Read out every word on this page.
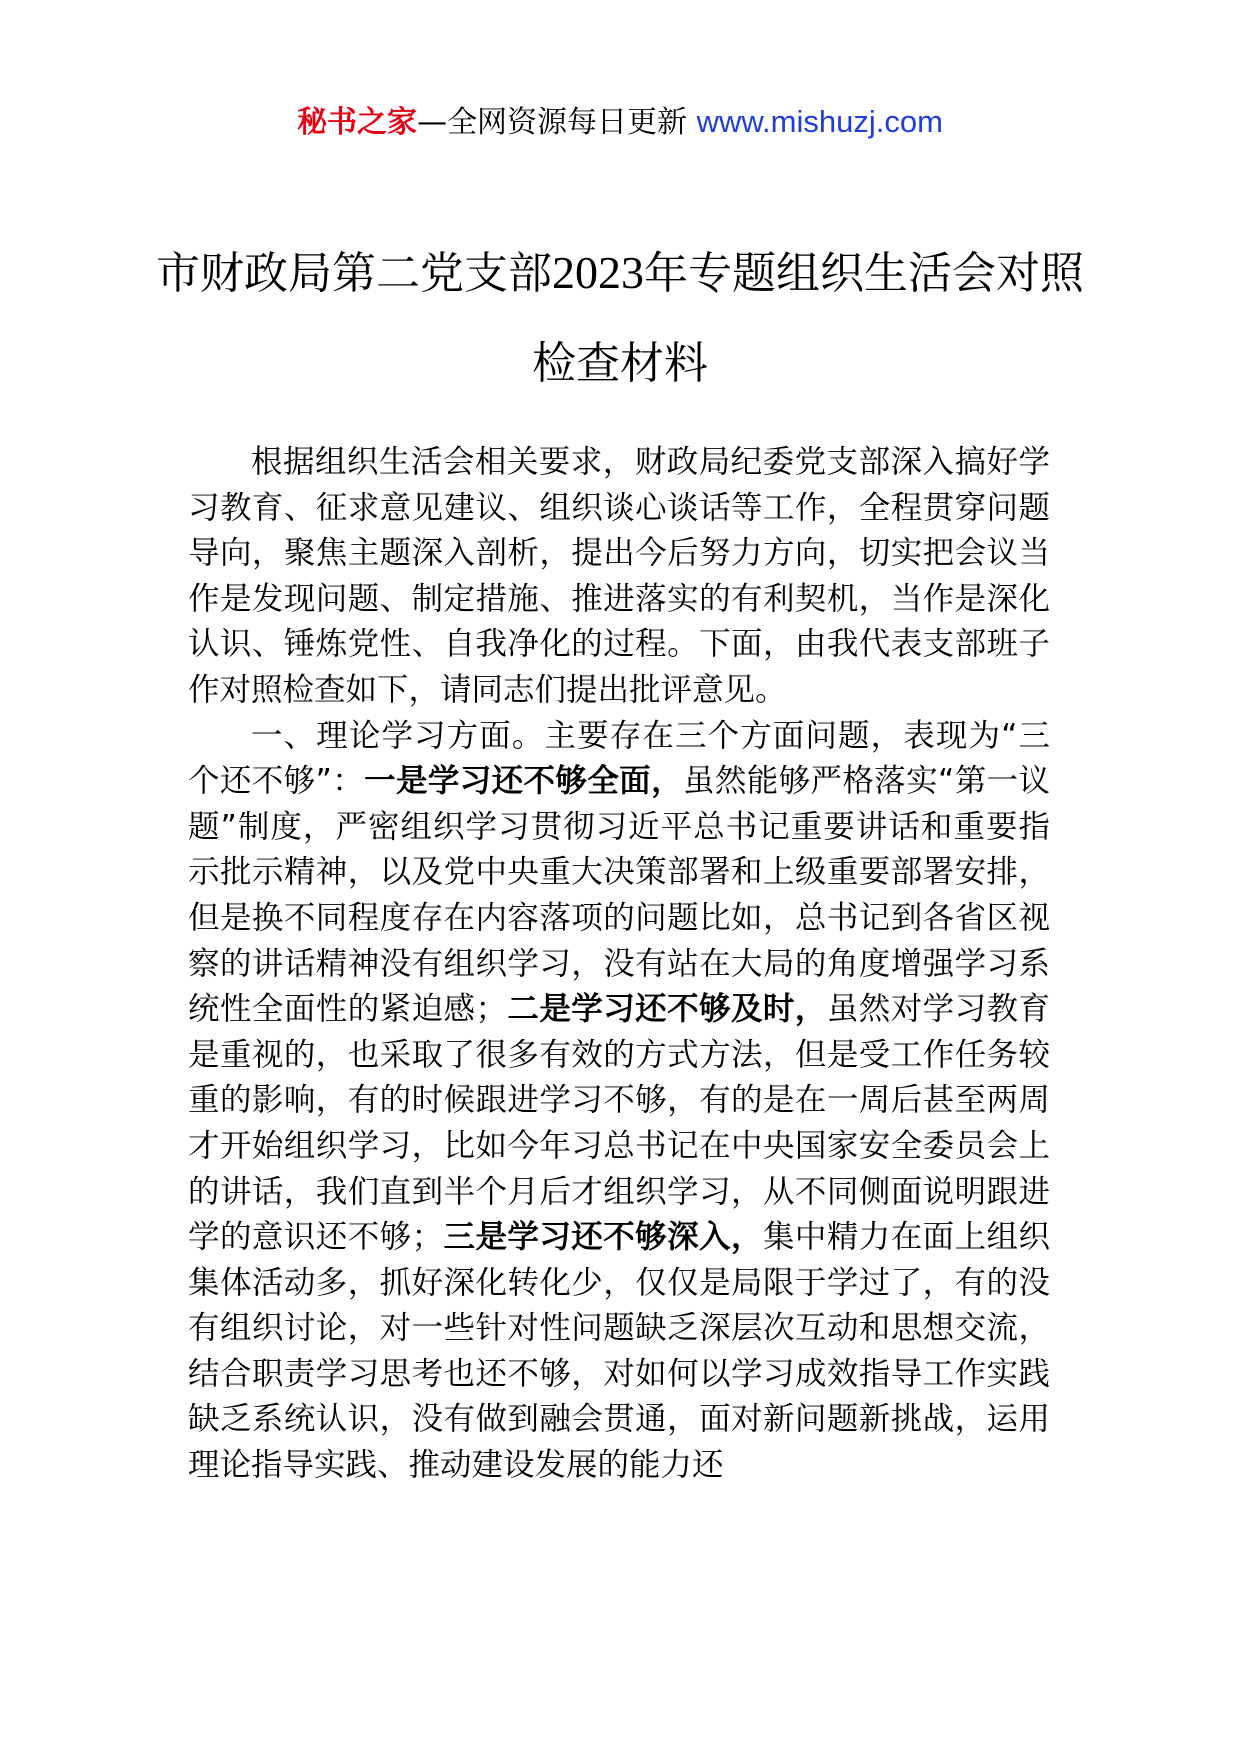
秘书之家—全网资源每日更新 www.mishuzj.com
市财政局第二党支部2023年专题组织生活会对照检查材料

根据组织生活会相关要求，财政局纪委党支部深入搞好学习教育、征求意见建议、组织谈心谈话等工作，全程贯穿问题导向，聚焦主题深入剖析，提出今后努力方向，切实把会议当作是发现问题、制定措施、推进落实的有利契机，当作是深化认识、锤炼党性、自我净化的过程。下面，由我代表支部班子作对照检查如下，请同志们提出批评意见。

一、理论学习方面。主要存在三个方面问题，表现为“三个还不够”：一是学习还不够全面，虽然能够严格落实“第一议题”制度，严密组织学习贯彻习近平总书记重要讲话和重要指示批示精神，以及党中央重大决策部署和上级重要部署安排，但是换不同程度存在内容落项的问题比如，总书记到各省区视察的讲话精神没有组织学习，没有站在大局的角度增强学习系统性全面性的紧迫感；二是学习还不够及时，虽然对学习教育是重视的，也采取了很多有效的方式方法，但是受工作任务较重的影响，有的时候跟进学习不够，有的是在一周后甚至两周才开始组织学习，比如今年习总书记在中央国家安全委员会上的讲话，我们直到半个月后才组织学习，从不同侧面说明跟进学的意识还不够；三是学习还不够深入，集中精力在面上组织集体活动多，抓好深化转化少，仅仅是局限于学过了，有的没有组织讨论，对一些针对性问题缺乏深层次互动和思想交流，结合职责学习思考也还不够，对如何以学习成效指导工作实践缺乏系统认识，没有做到融会贯通，面对新问题新挑战，运用理论指导实践、推动建设发展的能力还
